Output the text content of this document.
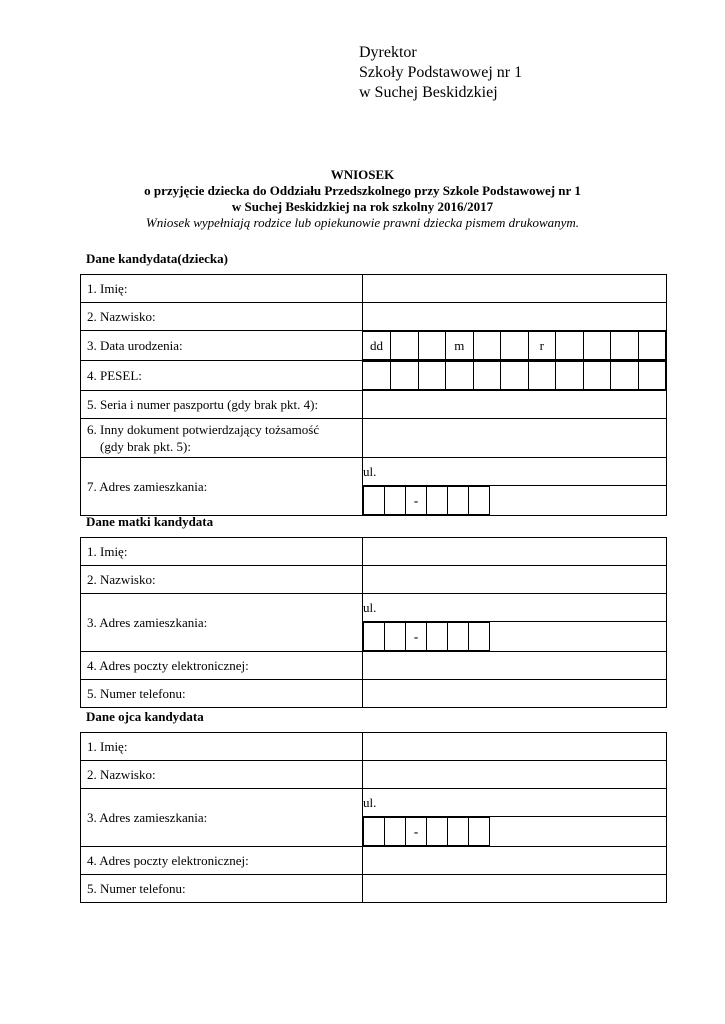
Dyrektor
Szkoły Podstawowej nr 1
w Suchej Beskidzkiej
WNIOSEK
o przyjęcie dziecka do Oddziału Przedszkolnego przy Szkole Podstawowej nr 1
w Suchej Beskidzkiej na rok szkolny 2016/2017
Wniosek wypełniają rodzice lub opiekunowie prawni dziecka pismem drukowanym.
Dane kandydata(dziecka)
1. Imię:	
2. Nazwisko:	
3. Data urodzenia:		dd			m			r				

4. PESEL:	

5. Seria i numer paszportu (gdy brak pkt. 4):	

6. Inny dokument potwierdzający tożsamość
(gdy brak pkt. 5):

7. Adres zamieszkania:	ul.

		-			
Dane matki kandydata
1. Imię:	
2. Nazwisko:	
3. Adres zamieszkania:	ul.

		-			

4. Adres poczty elektronicznej:	
5. Numer telefonu:	
Dane ojca kandydata
1. Imię:	
2. Nazwisko:	
3. Adres zamieszkania:	ul.

		-			

4. Adres poczty elektronicznej:	
5. Numer telefonu:	
